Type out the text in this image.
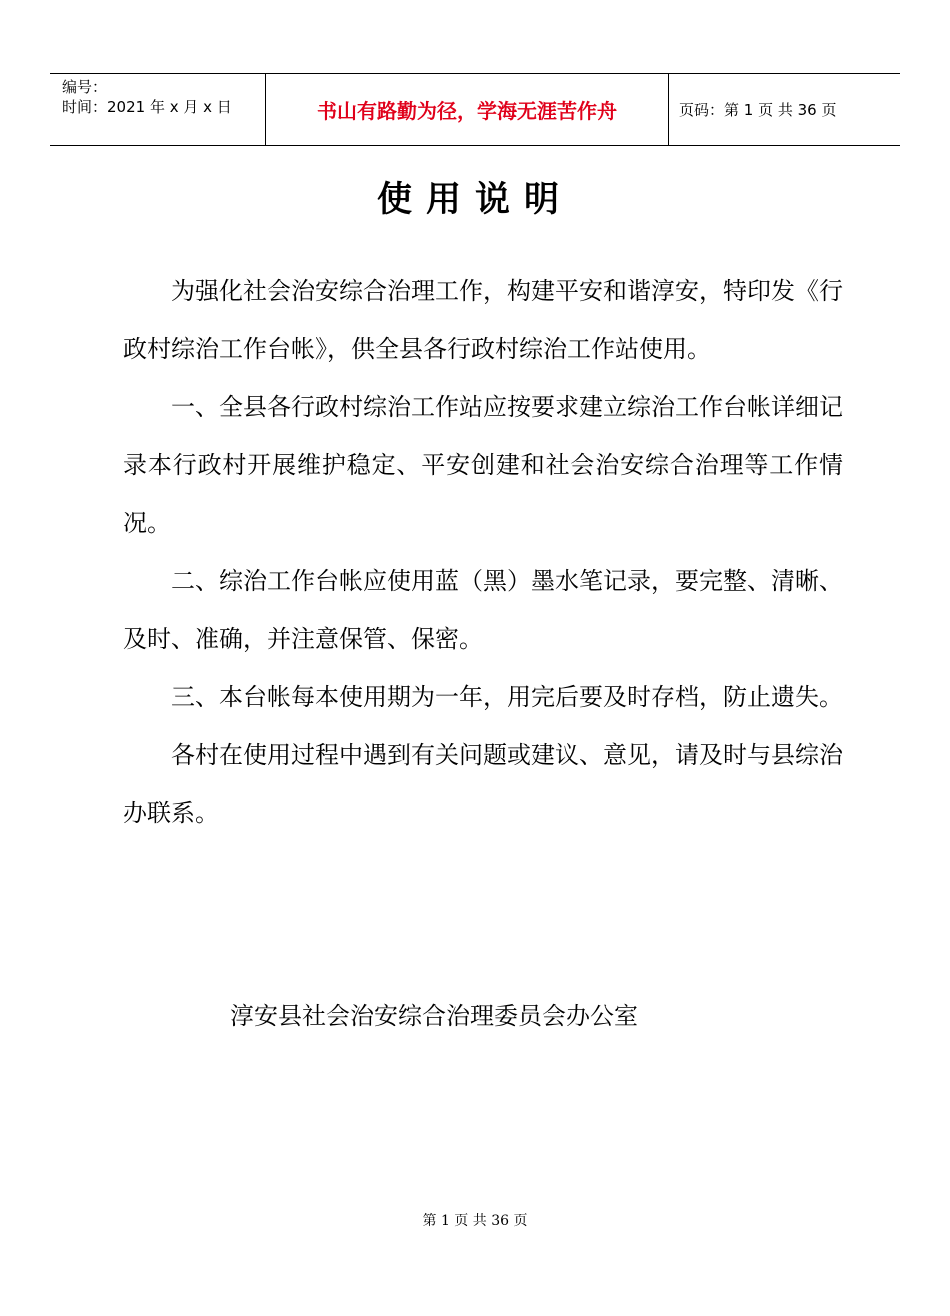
编号：
时间：2021 年 x 月 x 日	书山有路勤为径，学海无涯苦作舟	页码：第 1 页 共 36 页
使用说明

为强化社会治安综合治理工作，构建平安和谐淳安，特印发《行政村综治工作台帐》，供全县各行政村综治工作站使用。

一、全县各行政村综治工作站应按要求建立综治工作台帐详细记录本行政村开展维护稳定、平安创建和社会治安综合治理等工作情况。

二、综治工作台帐应使用蓝（黑）墨水笔记录，要完整、清晰、及时、准确，并注意保管、保密。

三、本台帐每本使用期为一年，用完后要及时存档，防止遗失。

各村在使用过程中遇到有关问题或建议、意见，请及时与县综治办联系。

淳安县社会治安综合治理委员会办公室
第 1 页 共 36 页
